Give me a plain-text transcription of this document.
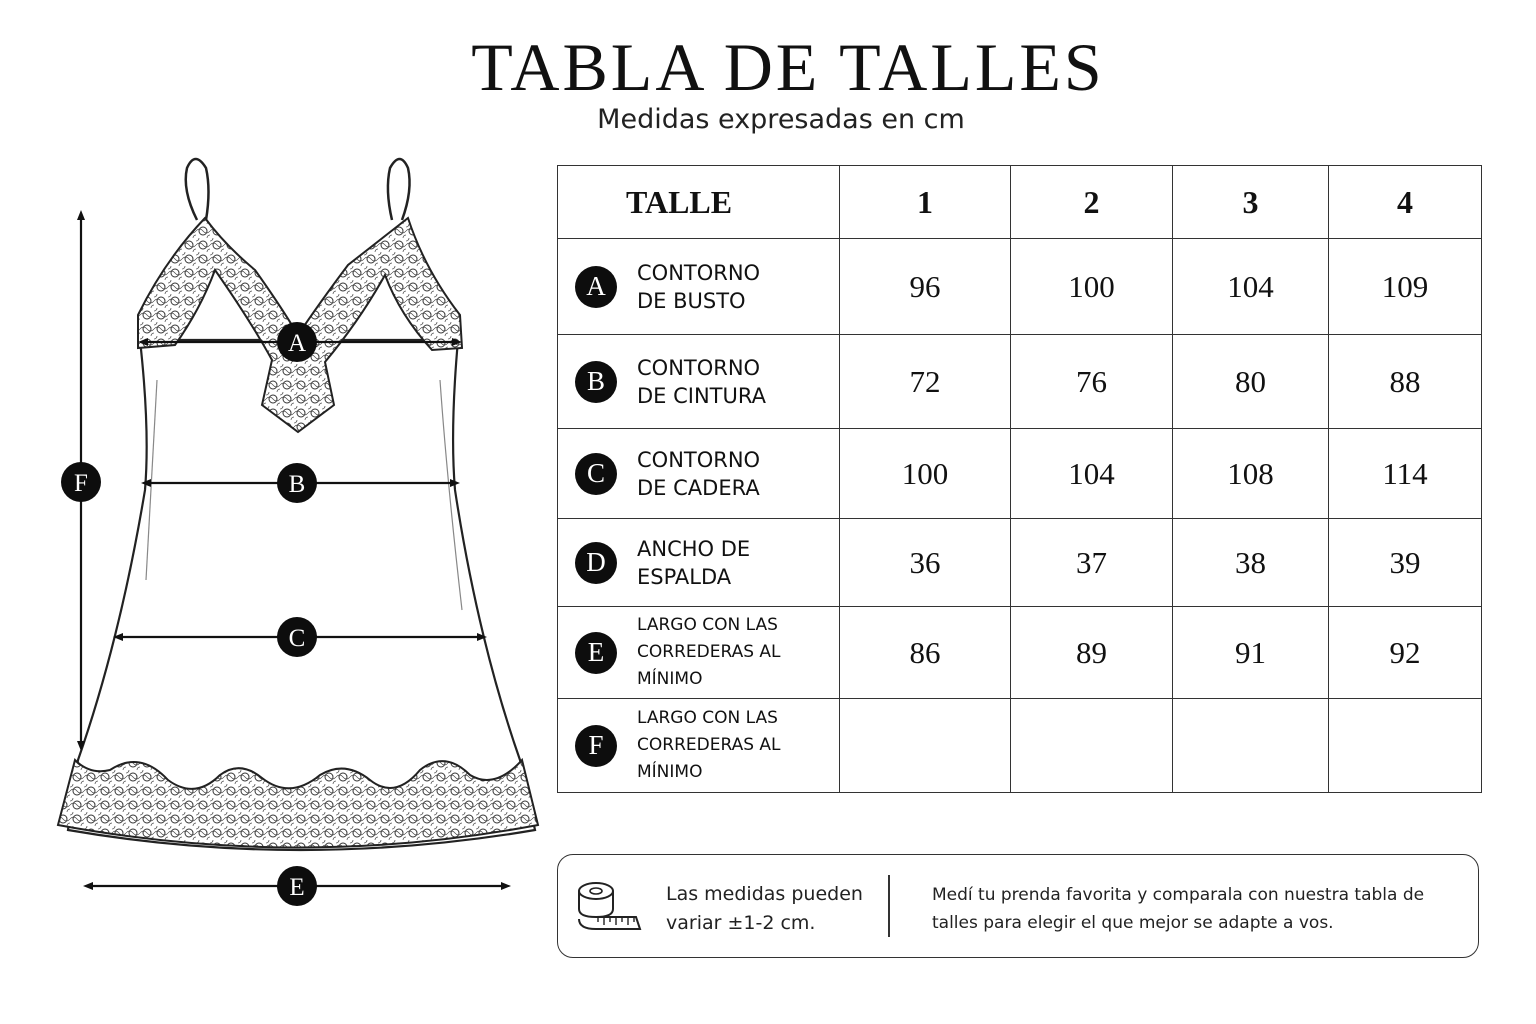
TABLA DE TALLES
Medidas expresadas en cm
A
B
C
E
F
TALLE	1	2	3	4

A CONTORNO
DE BUSTO	96	100	104	109

B CONTORNO
DE CINTURA	72	76	80	88

C CONTORNO
DE CADERA	100	104	108	114

D ANCHO DE
ESPALDA	36	37	38	39

E
LARGO CON LAS
CORREDERAS AL MÍNIMO	86	89	91	92

F
LARGO CON LAS
CORREDERAS AL MÍNIMO				

Las medidas pueden
variar ±1-2 cm.
Medí tu prenda favorita y comparala con nuestra tabla de talles para elegir el que mejor se adapte a vos.
